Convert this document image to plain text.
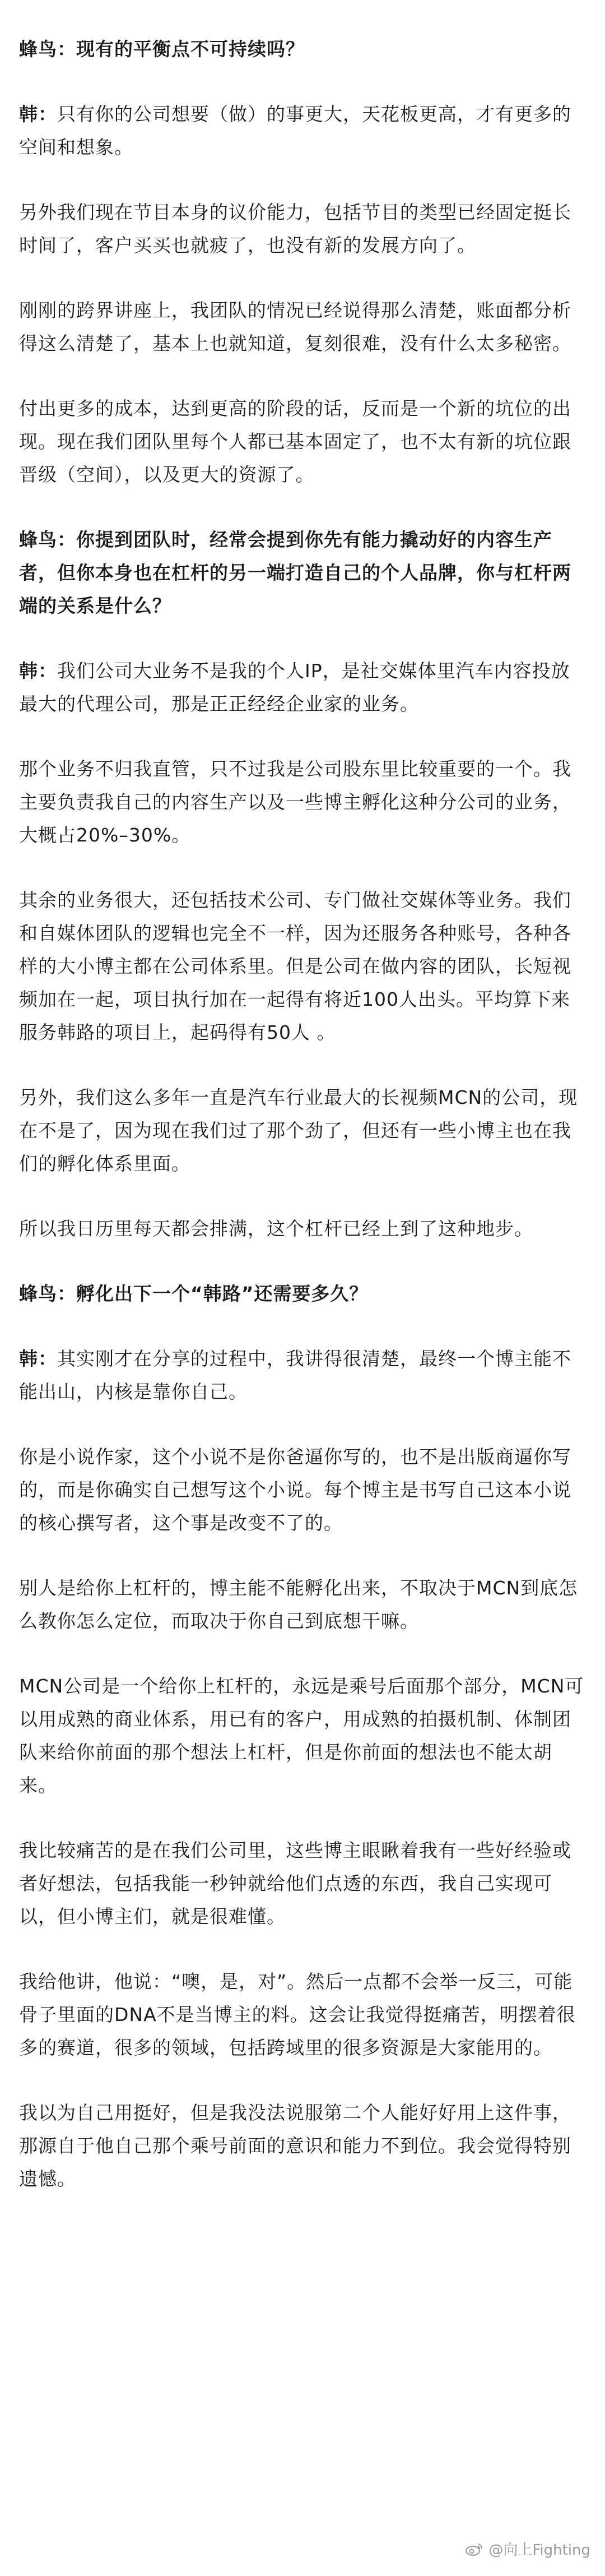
蜂鸟：现有的平衡点不可持续吗？

韩：只有你的公司想要（做）的事更大，天花板更高，才有更多的空间和想象。

另外我们现在节目本身的议价能力，包括节目的类型已经固定挺长时间了，客户买买也就疲了，也没有新的发展方向了。

刚刚的跨界讲座上，我团队的情况已经说得那么清楚，账面都分析得这么清楚了，基本上也就知道，复刻很难，没有什么太多秘密。

付出更多的成本，达到更高的阶段的话，反而是一个新的坑位的出现。现在我们团队里每个人都已基本固定了，也不太有新的坑位跟晋级（空间），以及更大的资源了。

蜂鸟：你提到团队时，经常会提到你先有能力撬动好的内容生产者，但你本身也在杠杆的另一端打造自己的个人品牌，你与杠杆两端的关系是什么？

韩：我们公司大业务不是我的个人IP，是社交媒体里汽车内容投放最大的代理公司，那是正正经经企业家的业务。

那个业务不归我直管，只不过我是公司股东里比较重要的一个。我主要负责我自己的内容生产以及一些博主孵化这种分公司的业务，大概占20%–30%。

其余的业务很大，还包括技术公司、专门做社交媒体等业务。我们和自媒体团队的逻辑也完全不一样，因为还服务各种账号，各种各样的大小博主都在公司体系里。但是公司在做内容的团队，长短视频加在一起，项目执行加在一起得有将近100人出头。平均算下来服务韩路的项目上，起码得有50人 。

另外，我们这么多年一直是汽车行业最大的长视频MCN的公司，现在不是了，因为现在我们过了那个劲了，但还有一些小博主也在我们的孵化体系里面。

所以我日历里每天都会排满，这个杠杆已经上到了这种地步。

蜂鸟：孵化出下一个“韩路”还需要多久？

韩：其实刚才在分享的过程中，我讲得很清楚，最终一个博主能不能出山，内核是靠你自己。

你是小说作家，这个小说不是你爸逼你写的，也不是出版商逼你写的，而是你确实自己想写这个小说。每个博主是书写自己这本小说的核心撰写者，这个事是改变不了的。

别人是给你上杠杆的，博主能不能孵化出来，不取决于MCN到底怎么教你怎么定位，而取决于你自己到底想干嘛。

MCN公司是一个给你上杠杆的，永远是乘号后面那个部分，MCN可以用成熟的商业体系，用已有的客户，用成熟的拍摄机制、体制团队来给你前面的那个想法上杠杆，但是你前面的想法也不能太胡来。

我比较痛苦的是在我们公司里，这些博主眼瞅着我有一些好经验或者好想法，包括我能一秒钟就给他们点透的东西，我自己实现可以，但小博主们，就是很难懂。

我给他讲，他说：“噢，是，对”。然后一点都不会举一反三，可能骨子里面的DNA不是当博主的料。这会让我觉得挺痛苦，明摆着很多的赛道，很多的领域，包括跨域里的很多资源是大家能用的。

我以为自己用挺好，但是我没法说服第二个人能好好用上这件事，那源自于他自己那个乘号前面的意识和能力不到位。我会觉得特别遗憾。

@向上Fighting
